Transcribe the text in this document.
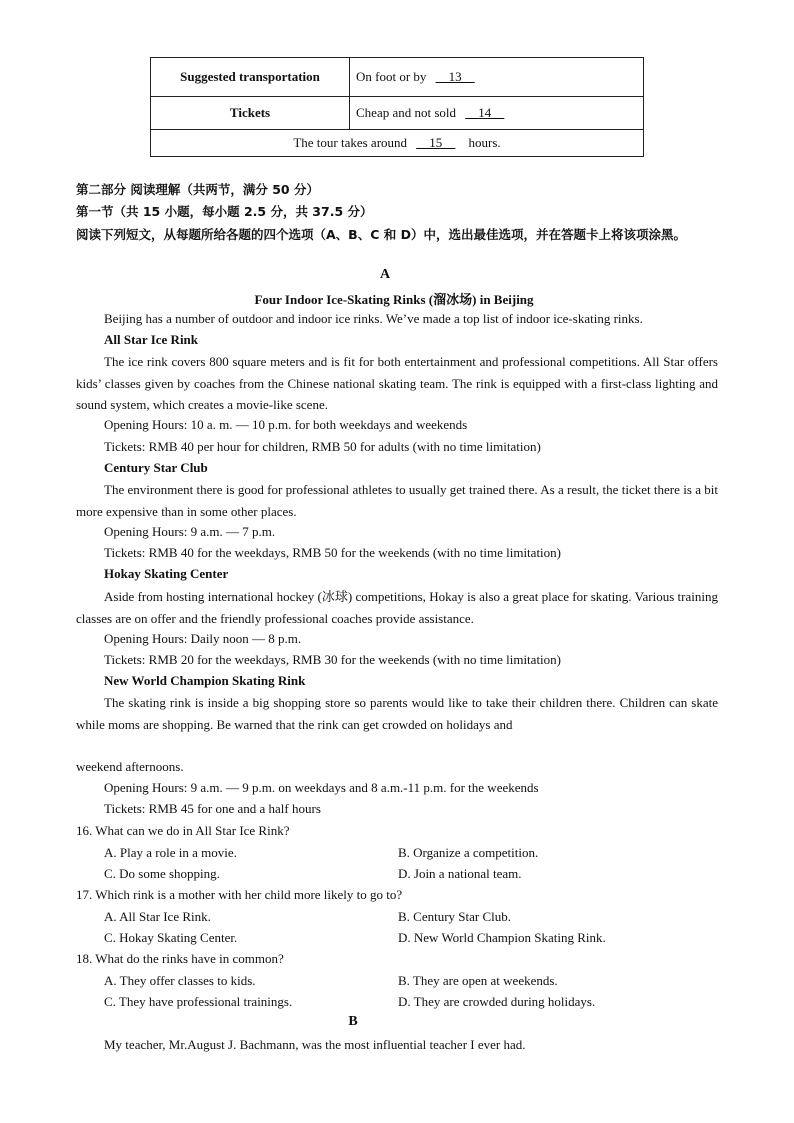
Suggested transportation	On foot or by __13__
Tickets	Cheap and not sold __14__
The tour takes around __15__ hours.	
第二部分 阅读理解（共两节，满分 50 分）
第一节（共 15 小题，每小题 2.5 分，共 37.5 分）
阅读下列短文，从每题所给各题的四个选项（A、B、C 和 D）中，选出最佳选项，并在答题卡上将该项涂黑。
A
Four Indoor Ice-Skating Rinks (溜冰场) in Beijing
Beijing has a number of outdoor and indoor ice rinks. We’ve made a top list of indoor ice-skating rinks.
All Star Ice Rink
The ice rink covers 800 square meters and is fit for both entertainment and professional competitions. All Star offers kids’ classes given by coaches from the Chinese national skating team. The rink is equipped with a first-class lighting and sound system, which creates a movie-like scene.
Opening Hours: 10 a. m. — 10 p.m. for both weekdays and weekends
Tickets: RMB 40 per hour for children, RMB 50 for adults (with no time limitation)
Century Star Club
The environment there is good for professional athletes to usually get trained there. As a result, the ticket there is a bit more expensive than in some other places.
Opening Hours: 9 a.m. — 7 p.m.
Tickets: RMB 40 for the weekdays, RMB 50 for the weekends (with no time limitation)
Hokay Skating Center
Aside from hosting international hockey (冰球) competitions, Hokay is also a great place for skating. Various training classes are on offer and the friendly professional coaches provide assistance.
Opening Hours: Daily noon — 8 p.m.
Tickets: RMB 20 for the weekdays, RMB 30 for the weekends (with no time limitation)
New World Champion Skating Rink
The skating rink is inside a big shopping store so parents would like to take their children there. Children can skate while moms are shopping. Be warned that the rink can get crowded on holidays and
weekend afternoons.
Opening Hours: 9 a.m. — 9 p.m. on weekdays and 8 a.m.-11 p.m. for the weekends
Tickets: RMB 45 for one and a half hours
16. What can we do in All Star Ice Rink?
A. Play a role in a movie.	B. Organize a competition.
C. Do some shopping.	D. Join a national team.
17. Which rink is a mother with her child more likely to go to?
A. All Star Ice Rink.	B. Century Star Club.
C. Hokay Skating Center.	D. New World Champion Skating Rink.
18. What do the rinks have in common?
A. They offer classes to kids.	B. They are open at weekends.
C. They have professional trainings.	D. They are crowded during holidays.
B
My teacher, Mr.August J. Bachmann, was the most influential teacher I ever had.
